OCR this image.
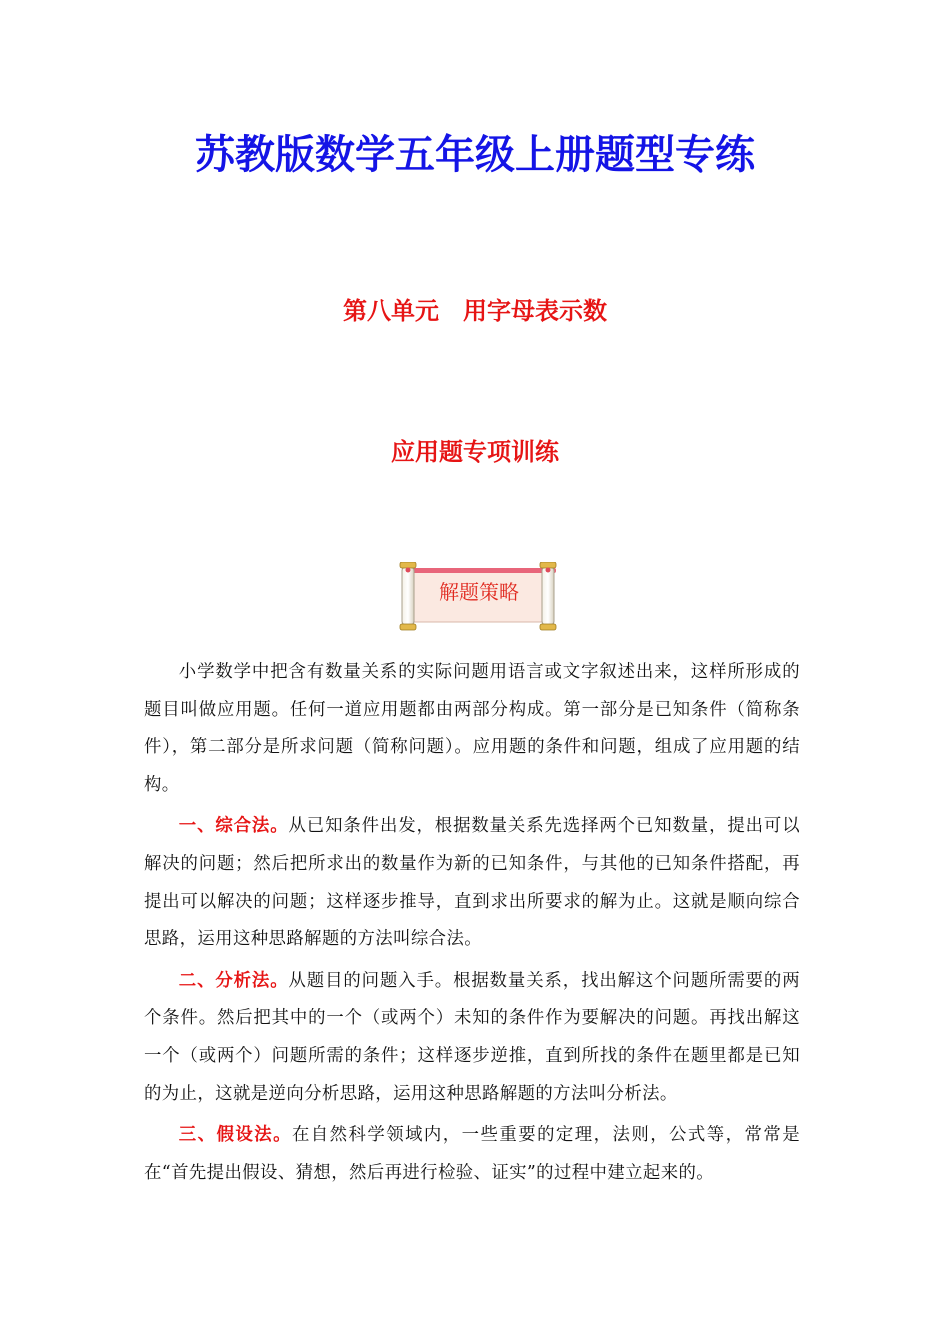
苏教版数学五年级上册题型专练
第八单元　用字母表示数
应用题专项训练
解题策略

小学数学中把含有数量关系的实际问题用语言或文字叙述出来，这样所形成的题目叫做应用题。任何一道应用题都由两部分构成。第一部分是已知条件（简称条件），第二部分是所求问题（简称问题）。应用题的条件和问题，组成了应用题的结构。

一、综合法。从已知条件出发，根据数量关系先选择两个已知数量，提出可以解决的问题；然后把所求出的数量作为新的已知条件，与其他的已知条件搭配，再提出可以解决的问题；这样逐步推导，直到求出所要求的解为止。这就是顺向综合思路，运用这种思路解题的方法叫综合法。

二、分析法。从题目的问题入手。根据数量关系，找出解这个问题所需要的两个条件。然后把其中的一个（或两个）未知的条件作为要解决的问题。再找出解这一个（或两个）问题所需的条件；这样逐步逆推，直到所找的条件在题里都是已知的为止，这就是逆向分析思路，运用这种思路解题的方法叫分析法。

三、假设法。在自然科学领域内，一些重要的定理，法则，公式等，常常是在“首先提出假设、猜想，然后再进行检验、证实”的过程中建立起来的。
